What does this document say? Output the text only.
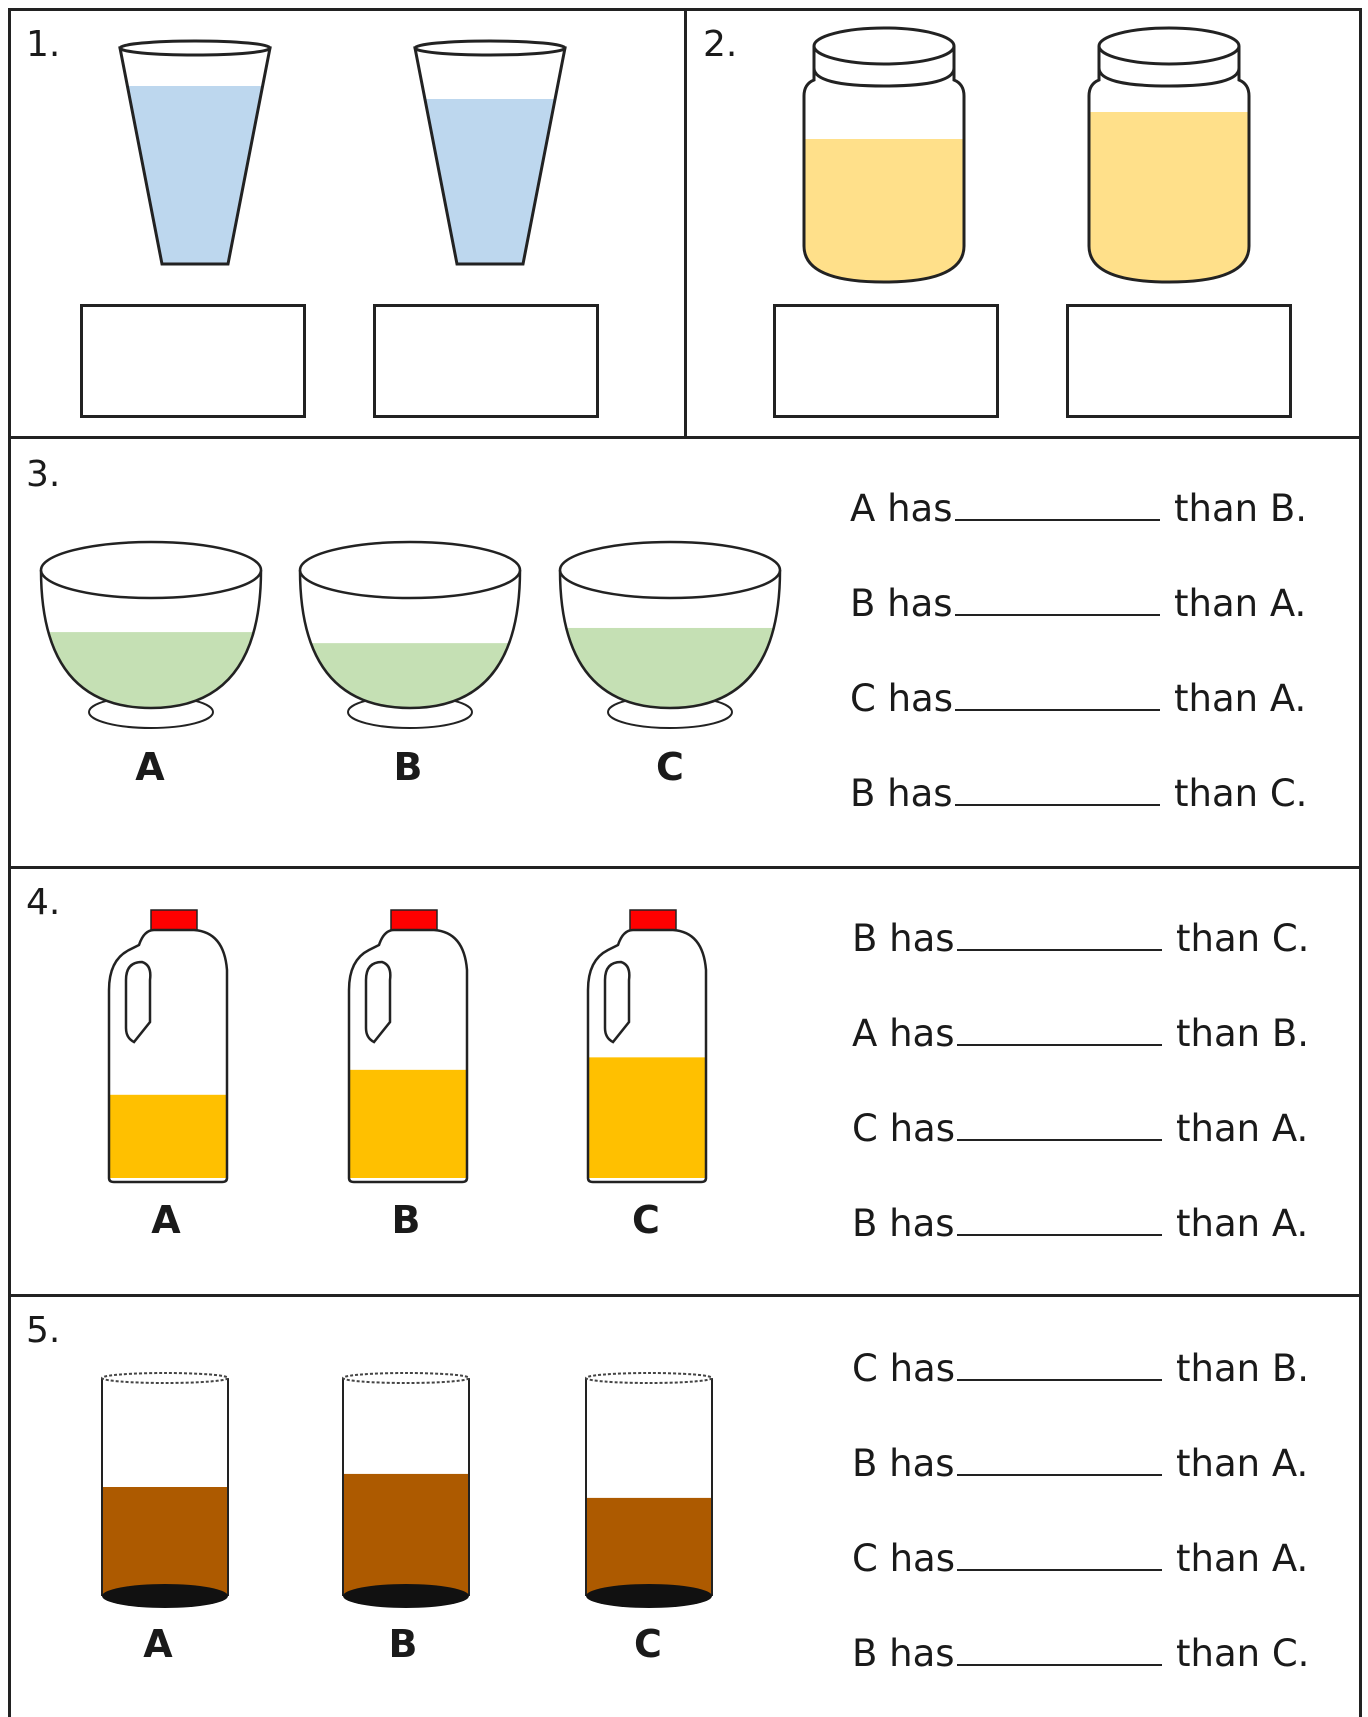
1.	2.
3.
A	B	C
A has	than B.
B has	than A.
C has	than A.
B has	than C.
4.
A	B	C
B has	than C.
A has	than B.
C has	than A.
B has	than A.
5.
A	B	C
C has	than B.
B has	than A.
C has	than A.
B has	than C.
